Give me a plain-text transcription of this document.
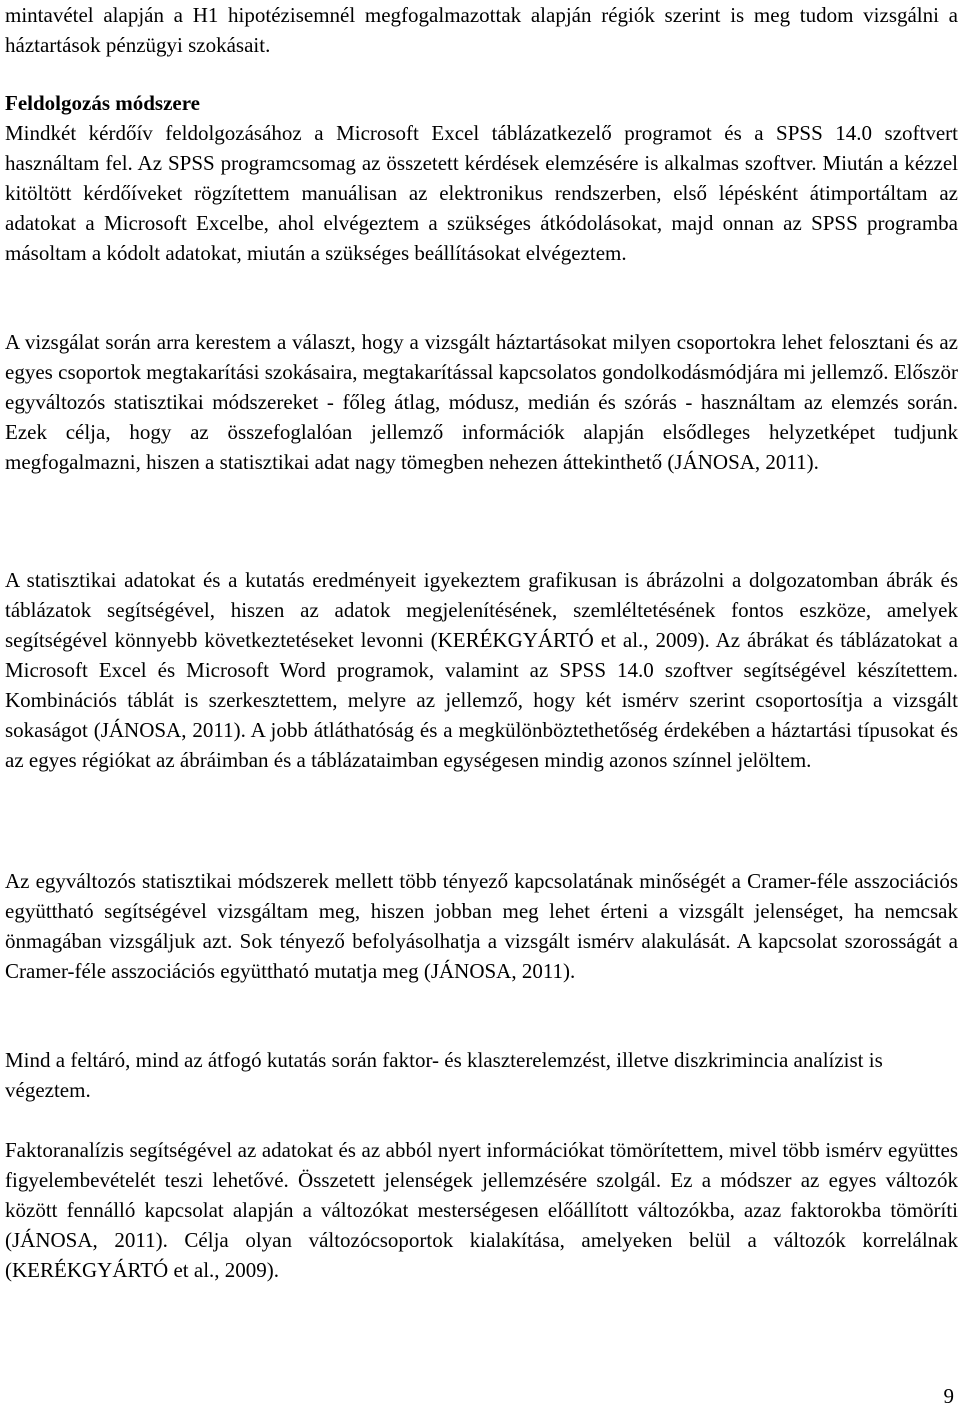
mintavétel alapján a H1 hipotézisemnél megfogalmazottak alapján régiók szerint is meg tudom vizsgálni a háztartások pénzügyi szokásait.

Feldolgozás módszere

Mindkét kérdőív feldolgozásához a Microsoft Excel táblázatkezelő programot és a SPSS 14.0 szoftvert használtam fel. Az SPSS programcsomag az összetett kérdések elemzésére is alkalmas szoftver. Miután a kézzel kitöltött kérdőíveket rögzítettem manuálisan az elektronikus rendszerben, első lépésként átimportáltam az adatokat a Microsoft Excelbe, ahol elvégeztem a szükséges átkódolásokat, majd onnan az SPSS programba másoltam a kódolt adatokat, miután a szükséges beállításokat elvégeztem.

A vizsgálat során arra kerestem a választ, hogy a vizsgált háztartásokat milyen csoportokra lehet felosztani és az egyes csoportok megtakarítási szokásaira, megtakarítással kapcsolatos gondolkodásmódjára mi jellemző. Először egyváltozós statisztikai módszereket - főleg átlag, módusz, medián és szórás - használtam az elemzés során. Ezek célja, hogy az összefoglalóan jellemző információk alapján elsődleges helyzetképet tudjunk megfogalmazni, hiszen a statisztikai adat nagy tömegben nehezen áttekinthető (JÁNOSA, 2011).

A statisztikai adatokat és a kutatás eredményeit igyekeztem grafikusan is ábrázolni a dolgozatomban ábrák és táblázatok segítségével, hiszen az adatok megjelenítésének, szemléltetésének fontos eszköze, amelyek segítségével könnyebb következtetéseket levonni (KERÉKGYÁRTÓ et al., 2009). Az ábrákat és táblázatokat a Microsoft Excel és Microsoft Word programok, valamint az SPSS 14.0 szoftver segítségével készítettem. Kombinációs táblát is szerkesztettem, melyre az jellemző, hogy két ismérv szerint csoportosítja a vizsgált sokaságot (JÁNOSA, 2011). A jobb átláthatóság és a megkülönböztethetőség érdekében a háztartási típusokat és az egyes régiókat az ábráimban és a táblázataimban egységesen mindig azonos színnel jelöltem.

Az egyváltozós statisztikai módszerek mellett több tényező kapcsolatának minőségét a Cramer-féle asszociációs együttható segítségével vizsgáltam meg, hiszen jobban meg lehet érteni a vizsgált jelenséget, ha nemcsak önmagában vizsgáljuk azt. Sok tényező befolyásolhatja a vizsgált ismérv alakulását. A kapcsolat szorosságát a Cramer-féle asszociációs együttható mutatja meg (JÁNOSA, 2011).

Mind a feltáró, mind az átfogó kutatás során faktor- és klaszterelemzést, illetve diszkrimincia analízist is végeztem.

Faktoranalízis segítségével az adatokat és az abból nyert információkat tömörítettem, mivel több ismérv együttes figyelembevételét teszi lehetővé. Összetett jelenségek jellemzésére szolgál. Ez a módszer az egyes változók között fennálló kapcsolat alapján a változókat mesterségesen előállított változókba, azaz faktorokba tömöríti (JÁNOSA, 2011). Célja olyan változócsoportok kialakítása, amelyeken belül a változók korrelálnak (KERÉKGYÁRTÓ et al., 2009).

9
